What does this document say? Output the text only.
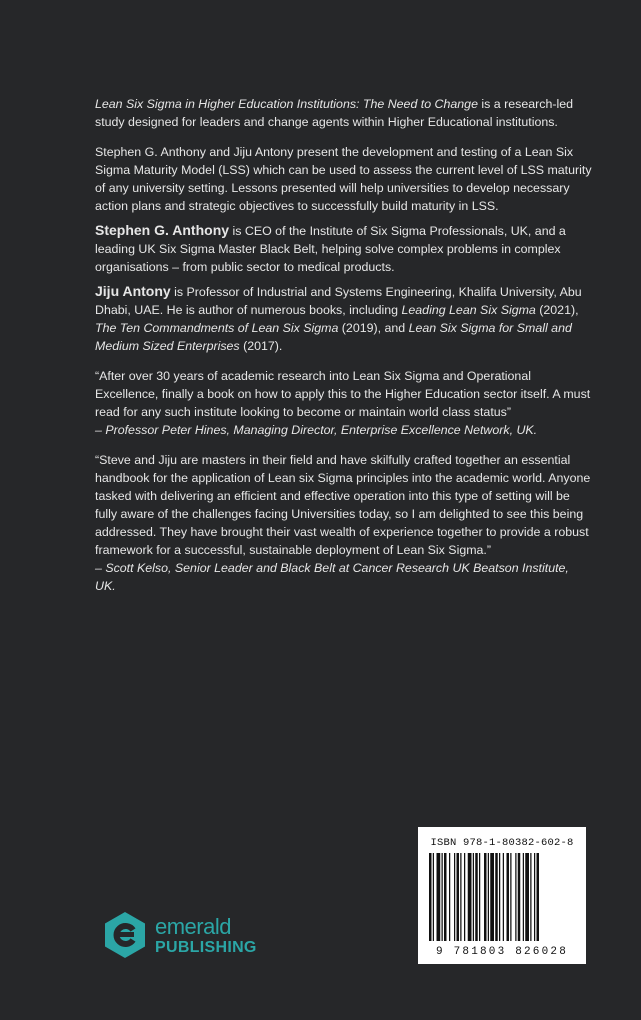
Lean Six Sigma in Higher Education Institutions: The Need to Change is a research-led study designed for leaders and change agents within Higher Educational institutions.

Stephen G. Anthony and Jiju Antony present the development and testing of a Lean Six Sigma Maturity Model (LSS) which can be used to assess the current level of LSS maturity of any university setting. Lessons presented will help universities to develop necessary action plans and strategic objectives to successfully build maturity in LSS.

Stephen G. Anthony is CEO of the Institute of Six Sigma Professionals, UK, and a leading UK Six Sigma Master Black Belt, helping solve complex problems in complex organisations – from public sector to medical products.

Jiju Antony is Professor of Industrial and Systems Engineering, Khalifa University, Abu Dhabi, UAE. He is author of numerous books, including Leading Lean Six Sigma (2021), The Ten Commandments of Lean Six Sigma (2019), and Lean Six Sigma for Small and Medium Sized Enterprises (2017).

“After over 30 years of academic research into Lean Six Sigma and Operational Excellence, finally a book on how to apply this to the Higher Education sector itself. A must read for any such institute looking to become or maintain world class status”
– Professor Peter Hines, Managing Director, Enterprise Excellence Network, UK.

“Steve and Jiju are masters in their field and have skilfully crafted together an essential handbook for the application of Lean six Sigma principles into the academic world. Anyone tasked with delivering an efficient and effective operation into this type of setting will be fully aware of the challenges facing Universities today, so I am delighted to see this being addressed. They have brought their vast wealth of experience together to provide a robust framework for a successful, sustainable deployment of Lean Six Sigma.”
– Scott Kelso, Senior Leader and Black Belt at Cancer Research UK Beatson Institute, UK.

ISBN 978-1-80382-602-8
9 781803 826028
emerald
PUBLISHING
